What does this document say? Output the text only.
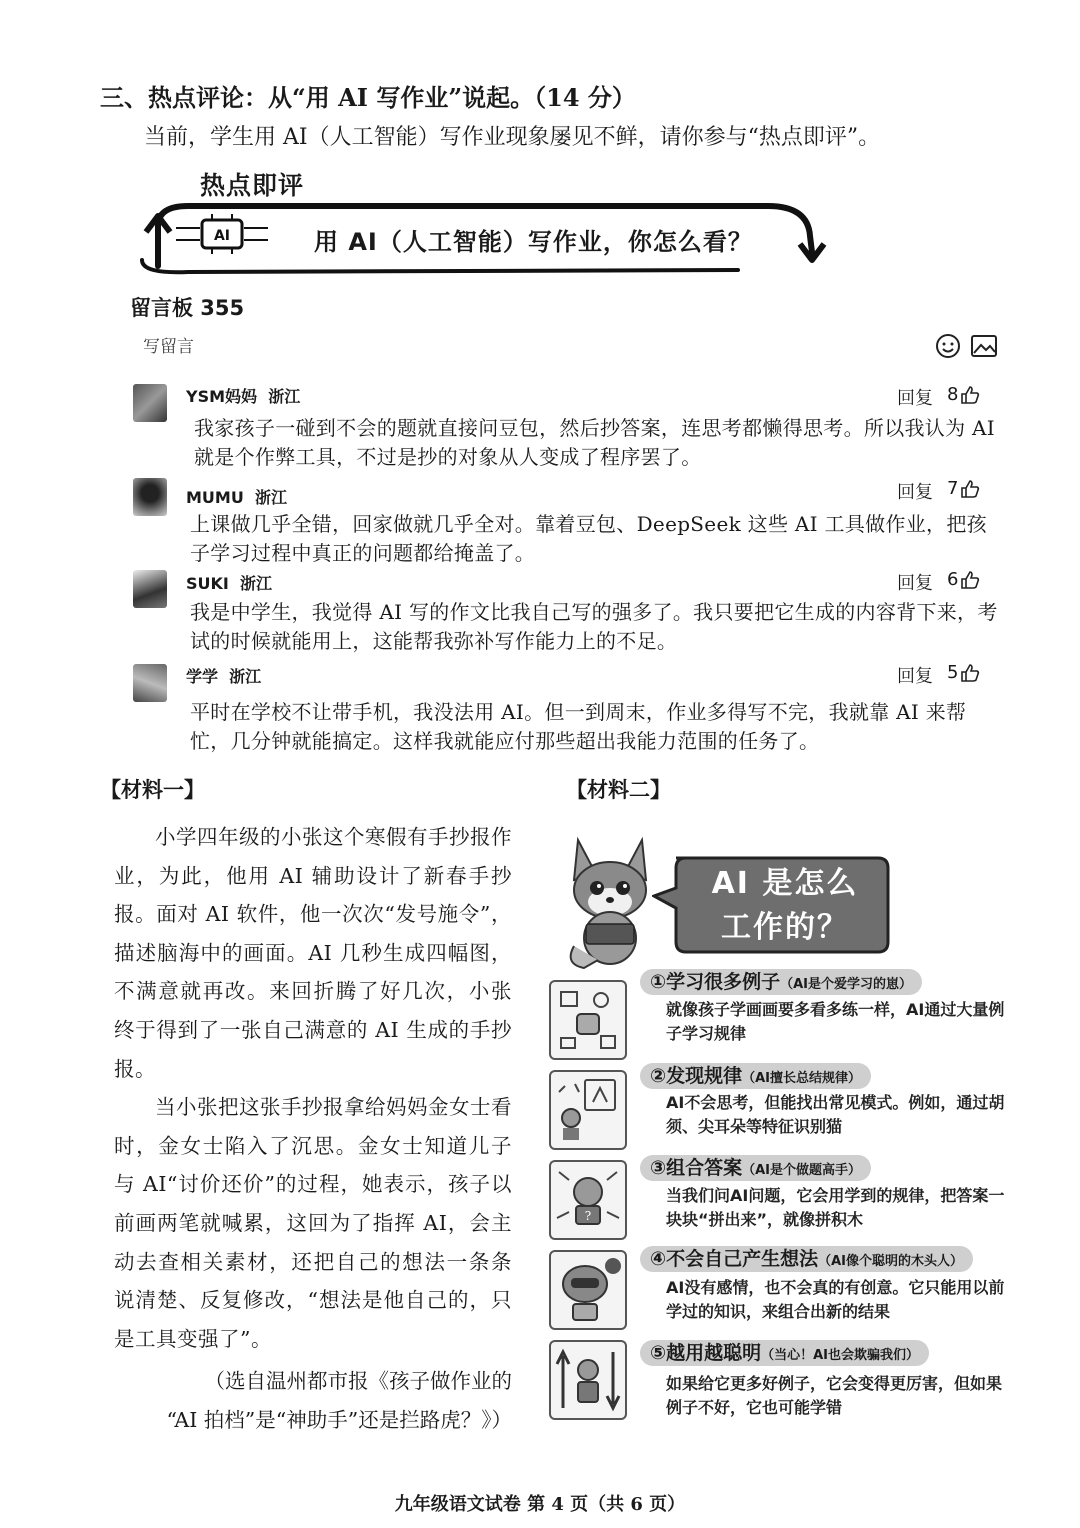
三、热点评论：从“用 AI 写作业”说起。（14 分）
当前，学生用 AI（人工智能）写作业现象屡见不鲜，请你参与“热点即评”。
热点即评
AI	用 AI（人工智能）写作业，你怎么看？
留言板 355
写留言
YSM妈妈 浙江	回复 8
我家孩子一碰到不会的题就直接问豆包，然后抄答案，连思考都懒得思考。所以我认为 AI 就是个作弊工具，不过是抄的对象从人变成了程序罢了。
MUMU 浙江	回复 7
上课做几乎全错，回家做就几乎全对。靠着豆包、DeepSeek 这些 AI 工具做作业，把孩子学习过程中真正的问题都给掩盖了。
SUKI 浙江	回复 6
我是中学生，我觉得 AI 写的作文比我自己写的强多了。我只要把它生成的内容背下来，考试的时候就能用上，这能帮我弥补写作能力上的不足。
学学 浙江	回复 5
平时在学校不让带手机，我没法用 AI。但一到周末，作业多得写不完，我就靠 AI 来帮忙，几分钟就能搞定。这样我就能应付那些超出我能力范围的任务了。
【材料一】	【材料二】

小学四年级的小张这个寒假有手抄报作业，为此，他用 AI 辅助设计了新春手抄报。面对 AI 软件，他一次次“发号施令”，描述脑海中的画面。AI 几秒生成四幅图，不满意就再改。来回折腾了好几次，小张终于得到了一张自己满意的 AI 生成的手抄报。

当小张把这张手抄报拿给妈妈金女士看时，金女士陷入了沉思。金女士知道儿子与 AI“讨价还价”的过程，她表示，孩子以前画两笔就喊累，这回为了指挥 AI，会主动去查相关素材，还把自己的想法一条条说清楚、反复修改，“想法是他自己的，只是工具变强了”。

（选自温州都市报《孩子做作业的
“AI 拍档”是“神助手”还是拦路虎？》）
AI 是怎么
工作的？
①学习很多例子（AI是个爱学习的崽）
就像孩子学画画要多看多练一样，AI通过大量例子学习规律
②发现规律（AI擅长总结规律）
AI不会思考，但能找出常见模式。例如，通过胡须、尖耳朵等特征识别猫
?
③组合答案（AI是个做题高手）
当我们问AI问题，它会用学到的规律，把答案一块块“拼出来”，就像拼积木
④不会自己产生想法（AI像个聪明的木头人）
AI没有感情，也不会真的有创意。它只能用以前学过的知识，来组合出新的结果
⑤越用越聪明（当心！AI也会欺骗我们）
如果给它更多好例子，它会变得更厉害，但如果例子不好，它也可能学错
九年级语文试卷 第 4 页（共 6 页）
